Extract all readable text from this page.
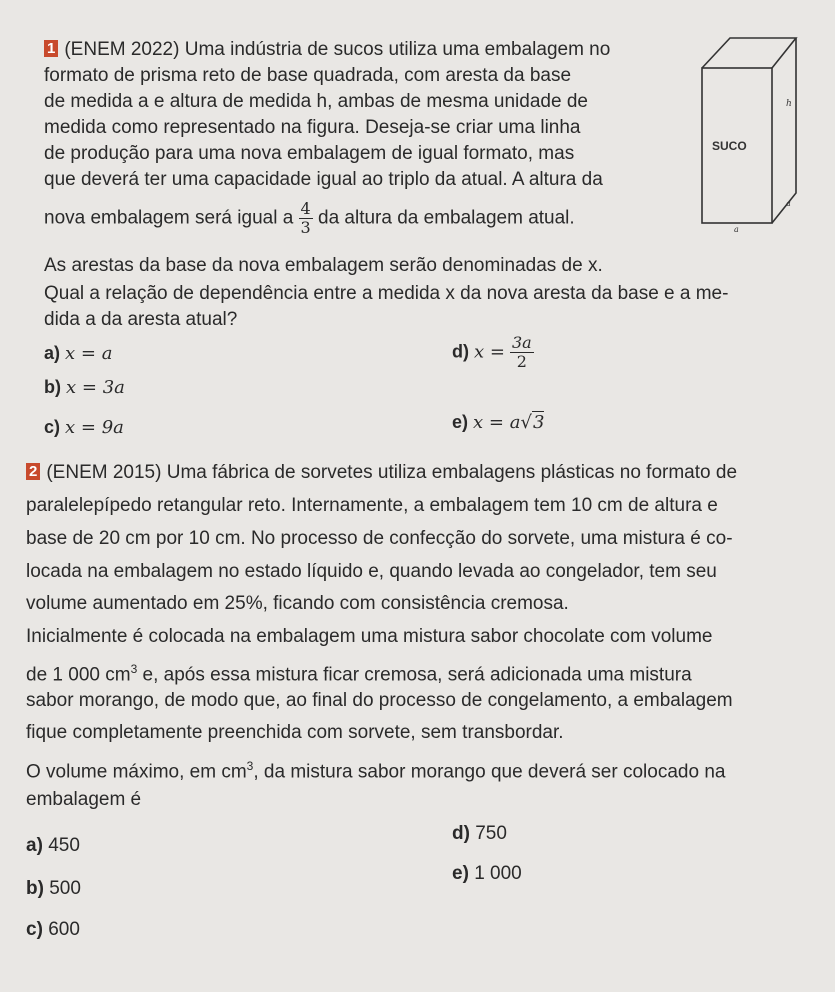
1 (ENEM 2022) Uma indústria de sucos utiliza uma embalagem no
formato de prisma reto de base quadrada, com aresta da base
de medida a e altura de medida h, ambas de mesma unidade de
medida como representado na figura. Deseja-se criar uma linha
de produção para uma nova embalagem de igual formato, mas
que deverá ter uma capacidade igual ao triplo da atual. A altura da
nova embalagem será igual a $\frac{4}{3}$ da altura da embalagem atual.
As arestas da base da nova embalagem serão denominadas de x.
Qual a relação de dependência entre a medida x da nova aresta da base e a me-
dida a da aresta atual?
a) x = a
b) x = 3a
c) x = 9a
d) $x = \frac{3a}{2}$
e) x = a√3
SUCO
h
a
a
2 (ENEM 2015) Uma fábrica de sorvetes utiliza embalagens plásticas no formato de
paralelepípedo retangular reto. Internamente, a embalagem tem 10 cm de altura e
base de 20 cm por 10 cm. No processo de confecção do sorvete, uma mistura é co-
locada na embalagem no estado líquido e, quando levada ao congelador, tem seu
volume aumentado em 25%, ficando com consistência cremosa.
Inicialmente é colocada na embalagem uma mistura sabor chocolate com volume
de 1 000 $cm^3$ e, após essa mistura ficar cremosa, será adicionada uma mistura
sabor morango, de modo que, ao final do processo de congelamento, a embalagem
fique completamente preenchida com sorvete, sem transbordar.
O volume máximo, em $cm^3$, da mistura sabor morango que deverá ser colocado na
embalagem é
a) 450
b) 500
c) 600
d) 750
e) 1 000
